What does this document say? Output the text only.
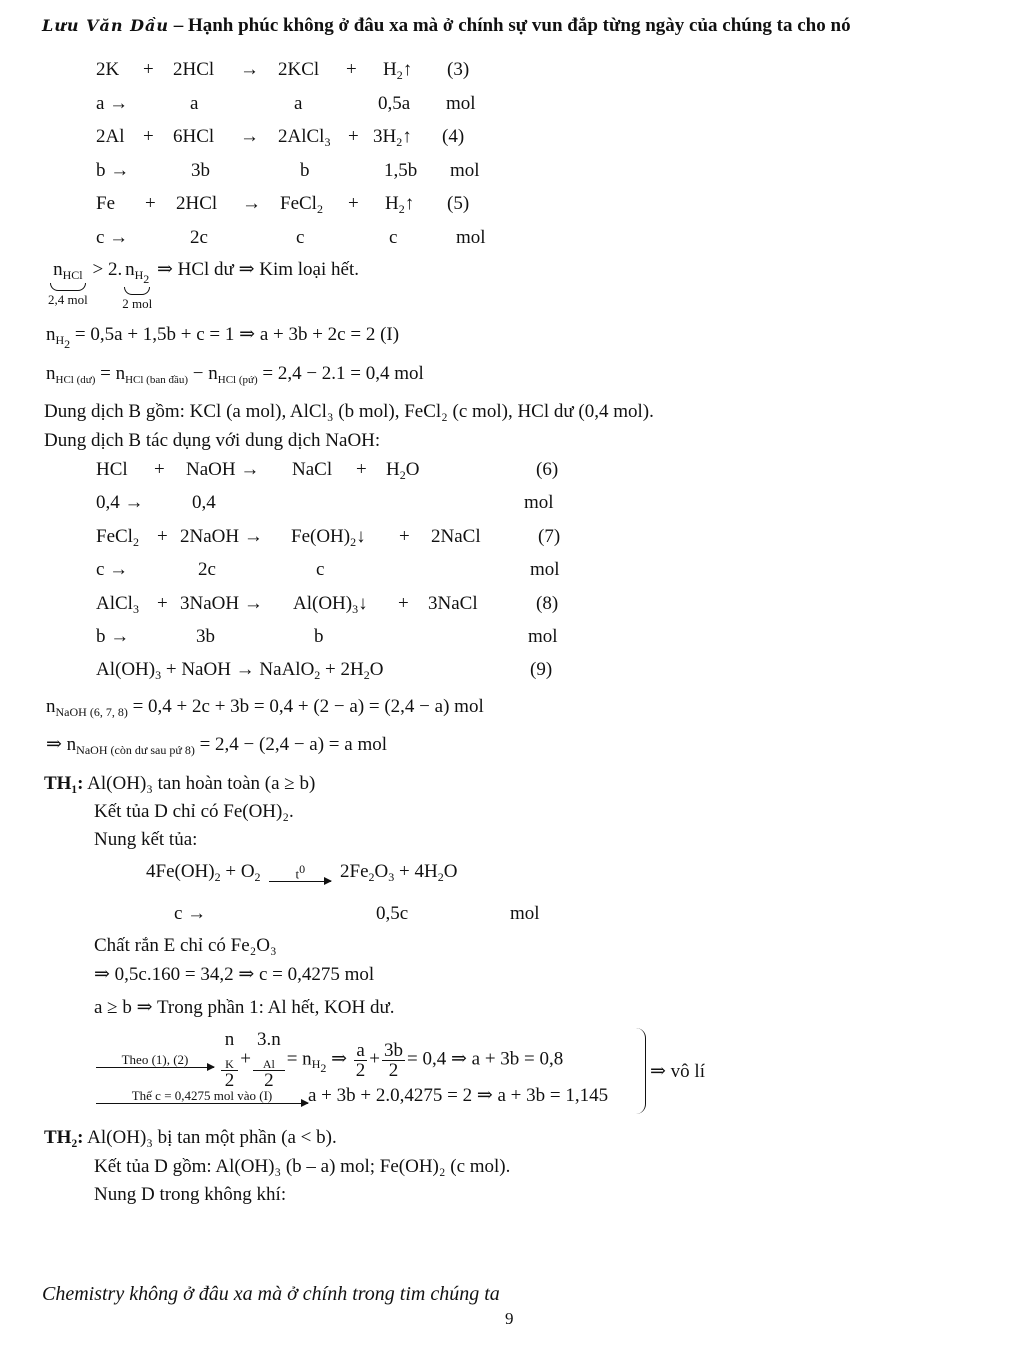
Lưu Văn Dầu – Hạnh phúc không ở đâu xa mà ở chính sự vun đắp từng ngày của chúng ta cho nó
$2K + 2HCl \to 2KCl + H_2↑$ (3)
a →	a	a	0,5a mol
2Al + 6HCl → 2AlCl$_3$ + $3H_2↑$ (4)
b →	3b	b	1,5b mol
Fe + 2HCl → FeCl$_2$ + $H_2↑$ (5)
c →	2c	c	c	mol
$n_{HCl}$
2,4 mol
> 2. $n_{H_2}$
2 mol
⇒ HCl dư ⇒ Kim loại hết.
$n_{H_2} = 0,5a + 1,5b + c = 1$ ⇒ a + 3b + 2c = 2 (I)
$n_{HCl (dư)} = n_{HCl (ban đầu)} - n_{HCl (pứ)} = 2,4 - 2.1 = 0,4$ mol
Dung dịch B gồm: KCl (a mol), AlCl₃ (b mol), FeCl₂ (c mol), HCl dư (0,4 mol).
Dung dịch B tác dụng với dung dịch NaOH:
HCl + NaOH → NaCl + $H_2O$	(6)
0,4 →	0,4	mol
FeCl$_2$ + 2NaOH → $Fe(OH)_2↓$ + 2NaCl	(7)
c →	2c	c	mol
AlCl$_3$ + 3NaOH → $Al(OH)_3↓$ + 3NaCl	(8)
b →	3b	b	mol
$Al(OH)_3$ + NaOH → NaAlO$_2$ + $2H_2O$	(9)
$n_{NaOH (6, 7, 8)} = 0,4 + 2c + 3b = 0,4 + (2 - a) = (2,4 - a)$ mol
⇒ $n_{NaOH (còn dư sau pứ 8)} = 2,4 - (2,4 - a) = a$ mol
TH₁: Al(OH)₃ tan hoàn toàn (a ≥ b)
Kết tủa D chỉ có Fe(OH)₂.
Nung kết tủa:
$4Fe(OH)_2 + O_2$	$t^0$	$2Fe_2O_3 + 4H_2O$
c →	0,5c	mol
Chất rắn E chỉ có Fe₂O₃
⇒ 0,5c.160 = 34,2 ⇒ c = 0,4275 mol
a ≥ b ⇒ Trong phần 1: Al hết, KOH dư.
Theo (1), (2)
	n
$_K$
2 + 3.n
$_{Al}$
$2 = n_{H_2}$ ⇒ $\frac{a}{2} + \frac{3b}{2} = 0,4$ ⇒ a + 3b = 0,8
Thế c = 0,4275 mol vào (I)	a + 3b + 2.0,4275 = 2 ⇒ a + 3b = 1,145
⇒ vô lí
TH₂: Al(OH)₃ bị tan một phần (a < b).
Kết tủa D gồm: Al(OH)₃ (b – a) mol; Fe(OH)₂ (c mol).
Nung D trong không khí:
Chemistry không ở đâu xa mà ở chính trong tim chúng ta
9
